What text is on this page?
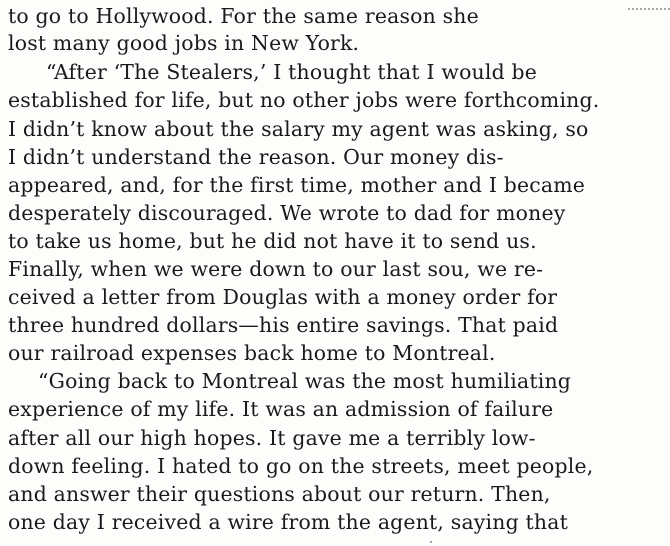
to go to Hollywood. For the same reason she
lost many good jobs in New York.
“After ‘The Stealers,’ I thought that I would be
established for life, but no other jobs were forthcoming.
I didn’t know about the salary my agent was asking, so
I didn’t understand the reason. Our money dis-
appeared, and, for the first time, mother and I became
desperately discouraged. We wrote to dad for money
to take us home, but he did not have it to send us.
Finally, when we were down to our last sou, we re-
ceived a letter from Douglas with a money order for
three hundred dollars—his entire savings. That paid
our railroad expenses back home to Montreal.
“Going back to Montreal was the most humiliating
experience of my life. It was an admission of failure
after all our high hopes. It gave me a terribly low-
down feeling. I hated to go on the streets, meet people,
and answer their questions about our return. Then,
one day I received a wire from the agent, saying that
